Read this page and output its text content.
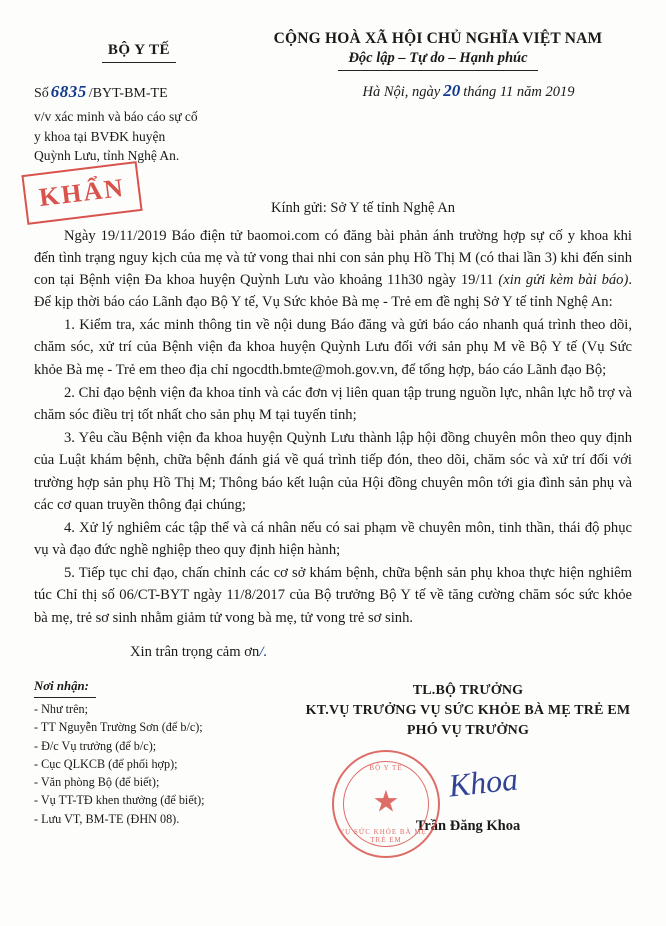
BỘ Y TẾ
CỘNG HOÀ XÃ HỘI CHỦ NGHĨA VIỆT NAM
Độc lập – Tự do – Hạnh phúc
Số 6835 /BYT-BM-TE
v/v xác minh và báo cáo sự cố
y khoa tại BVĐK huyện
Quỳnh Lưu, tỉnh Nghệ An.
Hà Nội, ngày 20 tháng 11 năm 2019
KHẨN	Kính gửi: Sở Y tế tỉnh Nghệ An

Ngày 19/11/2019 Báo điện tử baomoi.com có đăng bài phản ánh trường hợp sự cố y khoa khi đến tình trạng nguy kịch của mẹ và tử vong thai nhi con sản phụ Hồ Thị M (có thai lần 3) khi đến sinh con tại Bệnh viện Đa khoa huyện Quỳnh Lưu vào khoảng 11h30 ngày 19/11 (xin gửi kèm bài báo). Để kịp thời báo cáo Lãnh đạo Bộ Y tế, Vụ Sức khỏe Bà mẹ - Trẻ em đề nghị Sở Y tế tỉnh Nghệ An:

1. Kiểm tra, xác minh thông tin về nội dung Báo đăng và gửi báo cáo nhanh quá trình theo dõi, chăm sóc, xử trí của Bệnh viện đa khoa huyện Quỳnh Lưu đối với sản phụ M về Bộ Y tế (Vụ Sức khỏe Bà mẹ - Trẻ em theo địa chỉ ngocdth.bmte@moh.gov.vn, để tổng hợp, báo cáo Lãnh đạo Bộ;

2. Chỉ đạo bệnh viện đa khoa tỉnh và các đơn vị liên quan tập trung nguồn lực, nhân lực hỗ trợ và chăm sóc điều trị tốt nhất cho sản phụ M tại tuyến tỉnh;

3. Yêu cầu Bệnh viện đa khoa huyện Quỳnh Lưu thành lập hội đồng chuyên môn theo quy định của Luật khám bệnh, chữa bệnh đánh giá về quá trình tiếp đón, theo dõi, chăm sóc và xử trí đối với trường hợp sản phụ Hồ Thị M; Thông báo kết luận của Hội đồng chuyên môn tới gia đình sản phụ và các cơ quan truyền thông đại chúng;

4. Xử lý nghiêm các tập thể và cá nhân nếu có sai phạm về chuyên môn, tinh thần, thái độ phục vụ và đạo đức nghề nghiệp theo quy định hiện hành;

5. Tiếp tục chỉ đạo, chấn chỉnh các cơ sở khám bệnh, chữa bệnh sản phụ khoa thực hiện nghiêm túc Chỉ thị số 06/CT-BYT ngày 11/8/2017 của Bộ trưởng Bộ Y tế về tăng cường chăm sóc sức khỏe bà mẹ, trẻ sơ sinh nhằm giảm tử vong bà mẹ, tử vong trẻ sơ sinh.

Xin trân trọng cảm ơn/.
Nơi nhận:
- Như trên;
- TT Nguyễn Trường Sơn (để b/c);
- Đ/c Vụ trưởng (để b/c);
- Cục QLKCB (để phối hợp);
- Văn phòng Bộ (để biết);
- Vụ TT-TĐ khen thưởng (để biết);
- Lưu VT, BM-TE (ĐHN 08).
TL.BỘ TRƯỞNG
KT.VỤ TRƯỞNG VỤ SỨC KHỎE BÀ MẸ TRẺ EM
PHÓ VỤ TRƯỞNG
BỘ Y TẾ
★
VỤ SỨC KHỎE BÀ MẸ - TRẺ EM
Khoa
Trần Đăng Khoa
